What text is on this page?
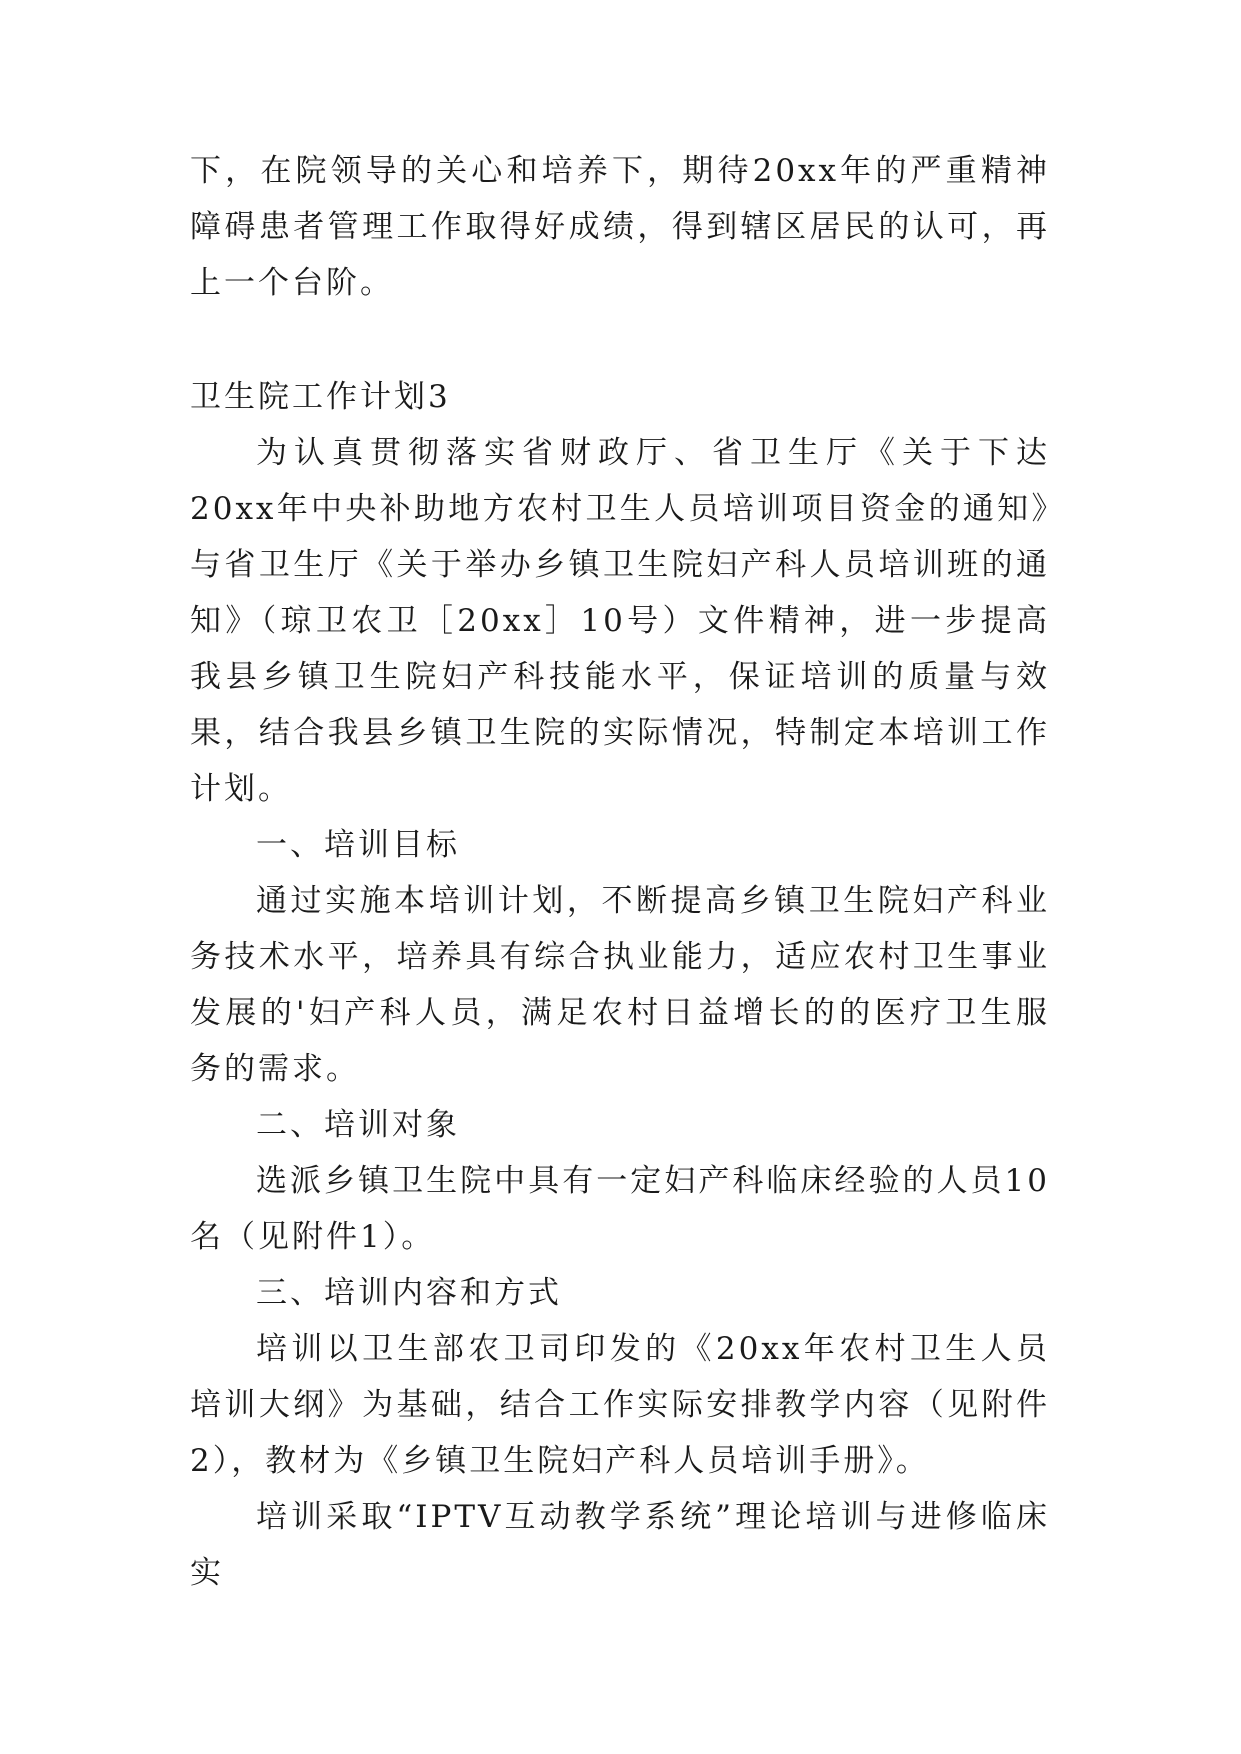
下，在院领导的关心和培养下，期待20xx年的严重精神障碍患者管理工作取得好成绩，得到辖区居民的认可，再上一个台阶。

卫生院工作计划3

为认真贯彻落实省财政厅、省卫生厅《关于下达20xx年中央补助地方农村卫生人员培训项目资金的通知》与省卫生厅《关于举办乡镇卫生院妇产科人员培训班的通知》（琼卫农卫［20xx］10号）文件精神，进一步提高我县乡镇卫生院妇产科技能水平，保证培训的质量与效果，结合我县乡镇卫生院的实际情况，特制定本培训工作计划。

一、培训目标

通过实施本培训计划，不断提高乡镇卫生院妇产科业务技术水平，培养具有综合执业能力，适应农村卫生事业发展的'妇产科人员，满足农村日益增长的的医疗卫生服务的需求。

二、培训对象

选派乡镇卫生院中具有一定妇产科临床经验的人员10名（见附件1）。

三、培训内容和方式

培训以卫生部农卫司印发的《20xx年农村卫生人员培训大纲》为基础，结合工作实际安排教学内容（见附件2），教材为《乡镇卫生院妇产科人员培训手册》。

培训采取“IPTV互动教学系统”理论培训与进修临床实
